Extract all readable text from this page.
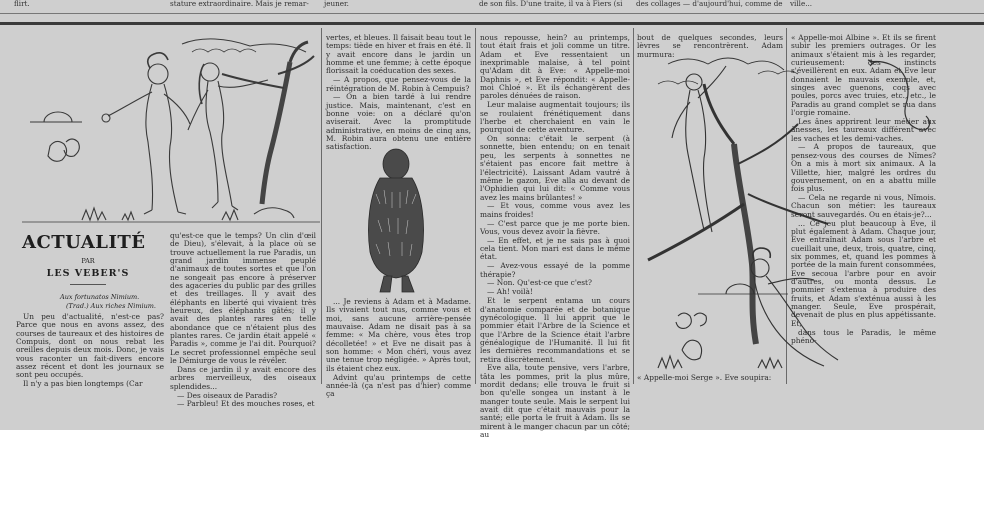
flirt.	stature extraordinaire. Mais je remar-	jeuner.	de son fils. D'une traite, il va à Fiers (si	des collages — d'aujourd'hui, comme de ville...
ACTUALITÉ
PAR
LES VEBER'S
Aux fortunatos Nimium.
(Trad.) Aux riches Nimium.

Un peu d'actualité, n'est-ce pas? Parce que nous en avons assez, des courses de taureaux et des histoires de Compuis, dont on nous rebat les oreilles depuis deux mois. Donc, je vais vous raconter un fait-divers encore assez récent et dont les journaux se sont peu occupés.

Il n'y a pas bien longtemps (Car

qu'est-ce que le temps? Un clin d'œil de Dieu), s'élevait, à la place où se trouve actuellement la rue Paradis, un grand jardin immense peuplé d'animaux de toutes sortes et que l'on ne songeait pas encore à préserver des agaceries du public par des grilles et des treillages. Il y avait des éléphants en liberté qui vivaient très heureux, des éléphants gâtés; il y avait des plantes rares en telle abondance que ce n'étaient plus des plantes rares. Ce jardin était appelé « Paradis », comme je l'ai dit. Pourquoi? Le secret professionnel empêche seul le Démiurge de vous le révéler.

Dans ce jardin il y avait encore des arbres merveilleux, des oiseaux splendides...

— Des oiseaux de Paradis?

— Parbleu! Et des mouches roses, et

vertes, et bleues. Il faisait beau tout le temps: tiède en hiver et frais en été. Il y avait encore dans le jardin un homme et une femme; à cette époque florissait la coéducation des sexes.

— A propos, que pensez-vous de la réintégration de M. Robin à Cempuis?

— On a bien tardé à lui rendre justice. Mais, maintenant, c'est en bonne voie: on a déclaré qu'on aviserait. Avec la promptitude administrative, en moins de cinq ans, M. Robin aura obtenu une entière satisfaction.

... Je reviens à Adam et à Madame. Ils vivaient tout nus, comme vous et moi, sans aucune arrière-pensée mauvaise. Adam ne disait pas à sa femme: « Ma chère, vous êtes trop décolletée! » et Eve ne disait pas à son homme: « Mon chéri, vous avez une tenue trop négligée. » Après tout, ils étaient chez eux.

Advint qu'au printemps de cette année-là (ça n'est pas d'hier) comme ça

nous repousse, hein? au printemps, tout était frais et joli comme un titre. Adam et Eve ressentaient un inexprimable malaise, à tel point qu'Adam dit à Eve: « Appelle-moi Daphnis », et Eve répondit: « Appelle-moi Chloé ». Et ils échangèrent des paroles dénuées de raison.

Leur malaise augmentait toujours; ils se roulaient frénétiquement dans l'herbe et cherchaient en vain le pourquoi de cette aventure.

On sonna: c'était le serpent (à sonnette, bien entendu; on en tenait peu, les serpents à sonnettes ne s'étaient pas encore fait mettre à l'électricité). Laissant Adam vautré à même le gazon, Eve alla au devant de l'Ophidien qui lui dit: « Comme vous avez les mains brûlantes! »

— Et vous, comme vous avez les mains froides!

— C'est parce que je me porte bien. Vous, vous devez avoir la fièvre.

— En effet, et je ne sais pas à quoi cela tient. Mon mari est dans le même état.

— Avez-vous essayé de la pomme thérapie?

— Non. Qu'est-ce que c'est?

— Ah! voilà!

Et le serpent entama un cours d'anatomie comparée et de botanique gynécologique. Il lui apprit que le pommier était l'Arbre de la Science et que l'Arbre de la Science était l'arbre généalogique de l'Humanité. Il lui fit les dernières recommandations et se retira discrètement.

Eve alla, toute pensive, vers l'arbre, tâta les pommes, prit la plus mûre, mordit dedans; elle trouva le fruit si bon qu'elle songea un instant à le manger toute seule. Mais le serpent lui avait dit que c'était mauvais pour la santé; elle porta le fruit à Adam. Ils se mirent à le manger chacun par un côté; au

bout de quelques secondes, leurs lèvres se rencontrèrent. Adam murmura:

« Appelle-moi Serge ». Eve soupira:

« Appelle-moi Albine ». Et ils se firent subir les premiers outrages. Or les animaux s'étaient mis à les regarder, curieusement: des instincts s'éveillèrent en eux. Adam et Eve leur donnaient le mauvais exemple, et, singes avec guenons, coqs avec poules, porcs avec truies, etc., etc., le Paradis au grand complet se rua dans l'orgie romaine.

Les ânes apprirent leur métier aux ânesses, les taureaux différent avec les vaches et les demi-vaches.

— A propos de taureaux, que pensez-vous des courses de Nîmes? On a mis à mort six animaux. A la Villette, hier, malgré les ordres du gouvernement, on en a abattu mille fois plus.

— Cela ne regarde ni vous, Nîmois. Chacun son métier: les taureaux seront sauvegardés. Ou en étais-je?...

... Ce jeu plut beaucoup à Eve, il plut également à Adam. Chaque jour, Eve entraînait Adam sous l'arbre et cueillait une, deux, trois, quatre, cinq, six pommes, et, quand les pommes à portée de la main furent consommées, Eve secoua l'arbre pour en avoir d'autres, ou monta dessus. Le pommier s'extenua à produire des fruits, et Adam s'exténua aussi à les manger. Seule, Eve prospérait, devenait de plus en plus appétissante. Et,

dans tous le Paradis, le même phéno-
